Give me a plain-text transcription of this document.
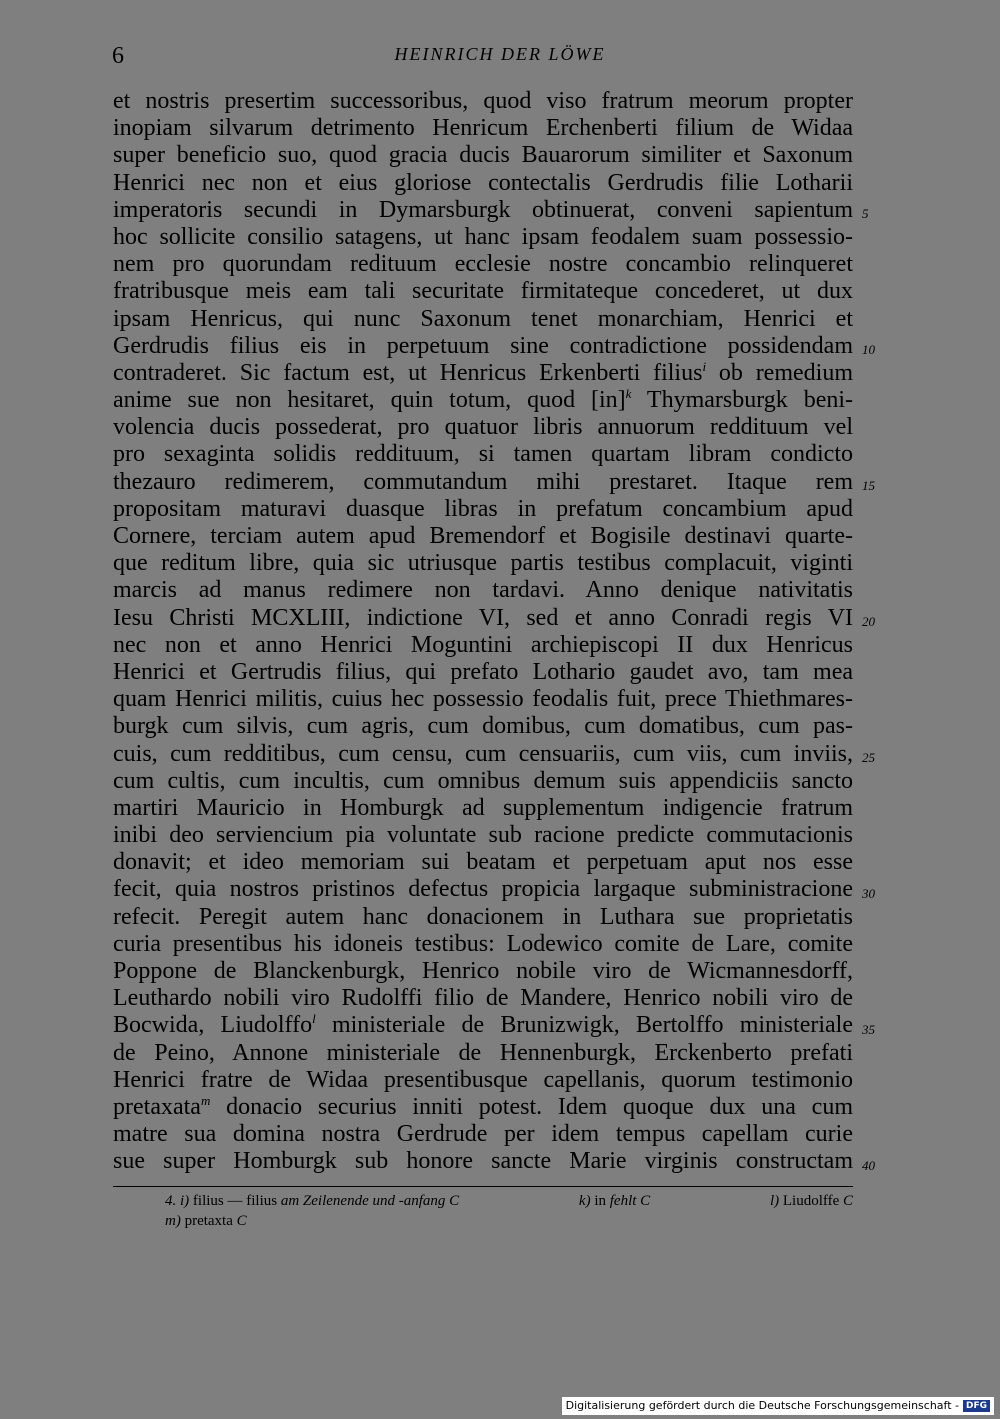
6	HEINRICH DER LÖWE
et nostris presertim successoribus, quod viso fratrum meorum propter
inopiam silvarum detrimento Henricum Erchenberti filium de Widaa
super beneficio suo, quod gracia ducis Bauarorum similiter et Saxonum
Henrici nec non et eius gloriose contectalis Gerdrudis filie Lotharii
imperatoris secundi in Dymarsburgk obtinuerat, conveni sapientum
hoc sollicite consilio satagens, ut hanc ipsam feodalem suam possessio-
nem pro quorundam redituum ecclesie nostre concambio relinqueret
fratribusque meis eam tali securitate firmitateque concederet, ut dux
ipsam Henricus, qui nunc Saxonum tenet monarchiam, Henrici et
Gerdrudis filius eis in perpetuum sine contradictione possidendam
contraderet. Sic factum est, ut Henricus Erkenberti filius$^i$ ob remedium
anime sue non hesitaret, quin totum, quod [in]$^k$ Thymarsburgk beni-
volencia ducis possederat, pro quatuor libris annuorum reddituum vel
pro sexaginta solidis reddituum, si tamen quartam libram condicto
thezauro redimerem, commutandum mihi prestaret. Itaque rem
propositam maturavi duasque libras in prefatum concambium apud
Cornere, terciam autem apud Bremendorf et Bogisile destinavi quarte-
que reditum libre, quia sic utriusque partis testibus complacuit, viginti
marcis ad manus redimere non tardavi. Anno denique nativitatis
Iesu Christi MCXLIII, indictione VI, sed et anno Conradi regis VI
nec non et anno Henrici Moguntini archiepiscopi II dux Henricus
Henrici et Gertrudis filius, qui prefato Lothario gaudet avo, tam mea
quam Henrici militis, cuius hec possessio feodalis fuit, prece Thiethmares-
burgk cum silvis, cum agris, cum domibus, cum domatibus, cum pas-
cuis, cum redditibus, cum censu, cum censuariis, cum viis, cum inviis,
cum cultis, cum incultis, cum omnibus demum suis appendiciis sancto
martiri Mauricio in Homburgk ad supplementum indigencie fratrum
inibi deo serviencium pia voluntate sub racione predicte commutacionis
donavit; et ideo memoriam sui beatam et perpetuam aput nos esse
fecit, quia nostros pristinos defectus propicia largaque subministracione
refecit. Peregit autem hanc donacionem in Luthara sue proprietatis
curia presentibus his idoneis testibus: Lodewico comite de Lare, comite
Poppone de Blanckenburgk, Henrico nobile viro de Wicmannesdorff,
Leuthardo nobili viro Rudolffi filio de Mandere, Henrico nobili viro de
Bocwida, Liudolffo$^l$ ministeriale de Brunizwigk, Bertolffo ministeriale
de Peino, Annone ministeriale de Hennenburgk, Erckenberto prefati
Henrici fratre de Widaa presentibusque capellanis, quorum testimonio
pretaxata$^m$ donacio securius inniti potest. Idem quoque dux una cum
matre sua domina nostra Gerdrude per idem tempus capellam curie
sue super Homburgk sub honore sancte Marie virginis constructam
5
10
15
20
25
30
35
40
4. i) filius — filius am Zeilenende und -anfang C	k) in fehlt C	l) Liudolffe C
m) pretaxta C
Digitalisierung gefördert durch die Deutsche Forschungsgemeinschaft - DFG
